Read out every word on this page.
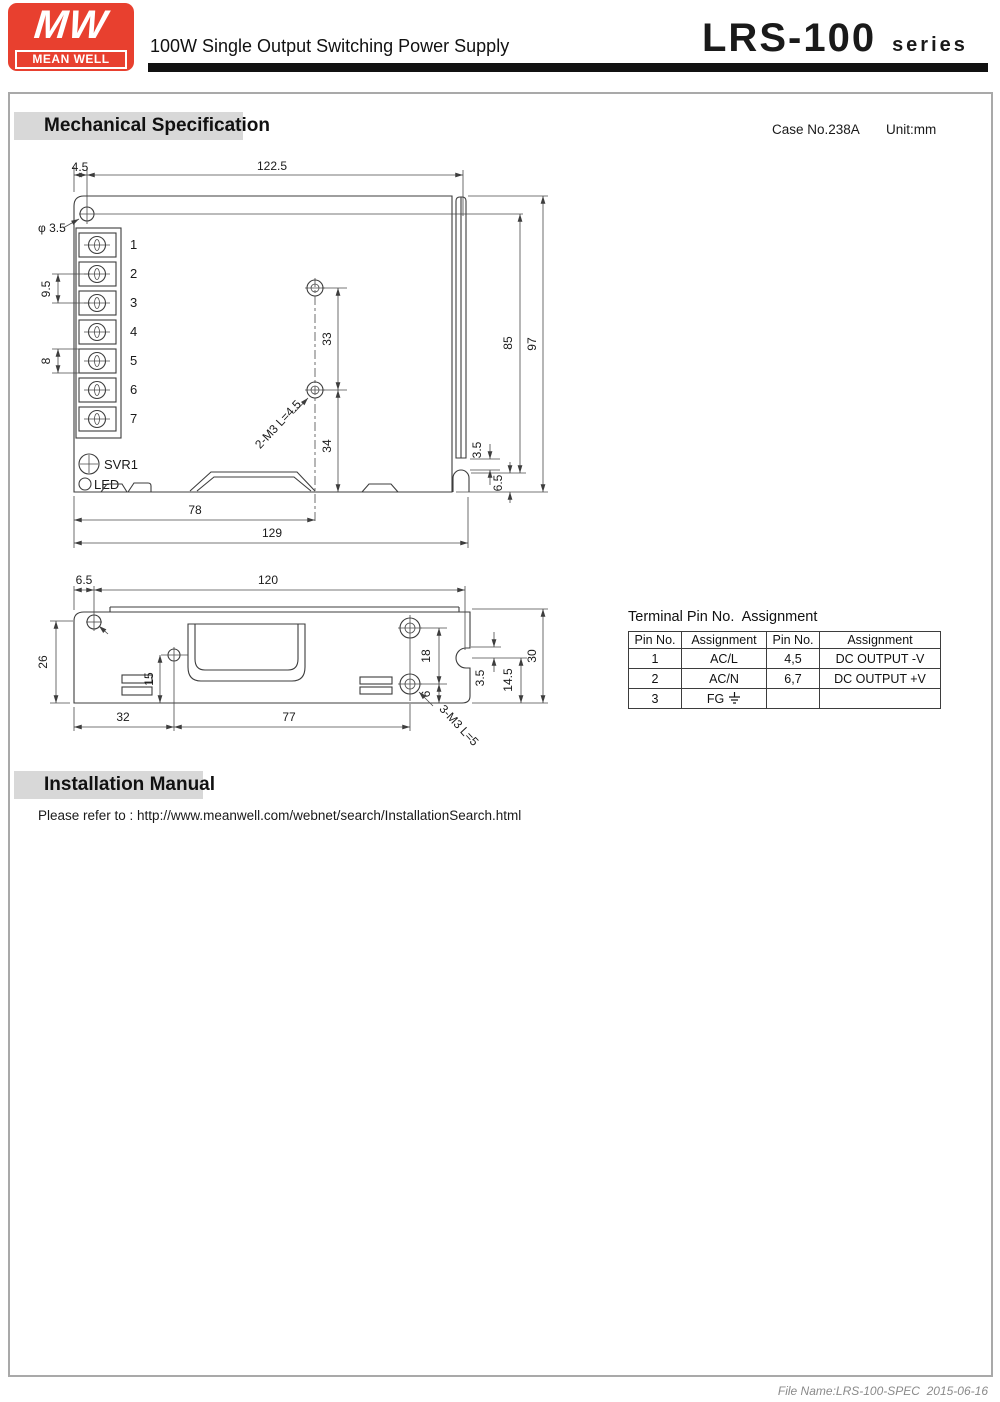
MW
MEAN WELL
100W Single Output Switching Power Supply	LRS-100 series
Mechanical Specification	Case No.238A Unit:mm
1
2
3
4
5
6
7
SVR1
LED
4.5	122.5
φ 3.5
9.5
8
33
34
2-M3 L=4.5
85 97
3.5
6.5
78
129
6.5	120
26
15
32	77
18
6
3-M3 L=5
3.5 14.5
30
Terminal Pin No.  Assignment
Pin No.	Assignment	Pin No.	Assignment
1	AC/L	4,5	DC OUTPUT -V
2	AC/N	6,7	DC OUTPUT +V
3	FG		
Installation Manual
Please refer to : http://www.meanwell.com/webnet/search/InstallationSearch.html
File Name:LRS-100-SPEC  2015-06-16
